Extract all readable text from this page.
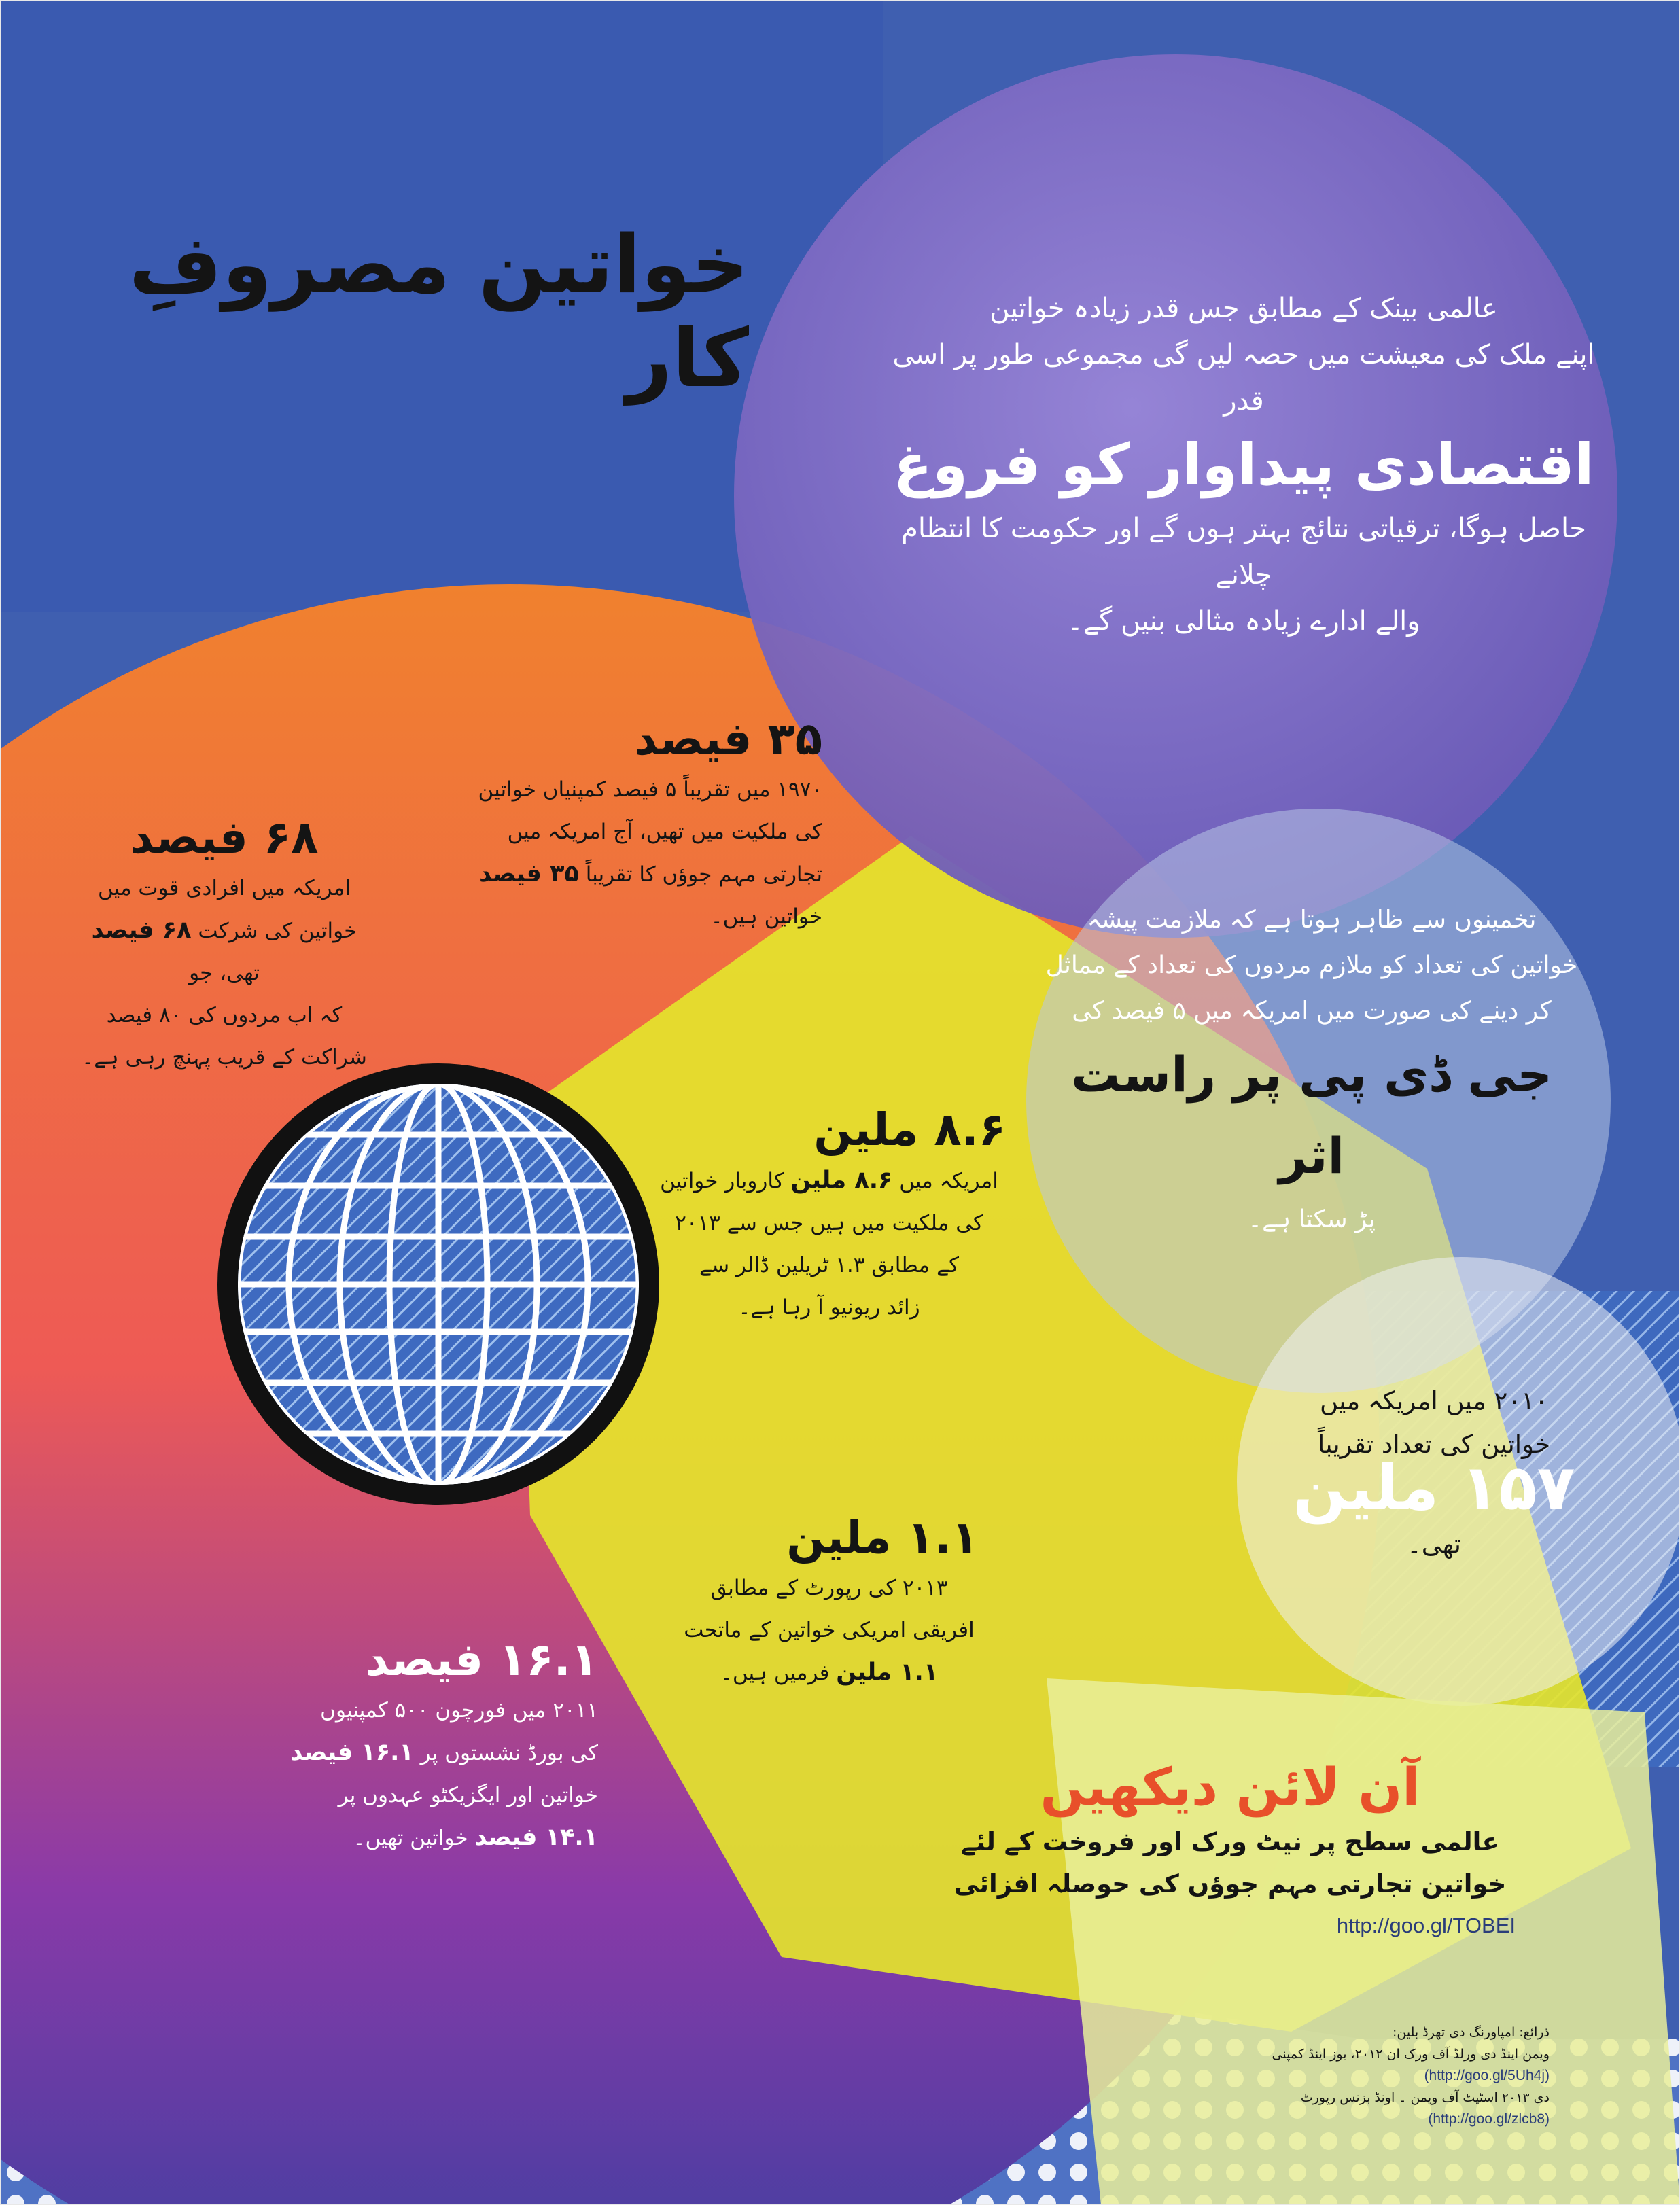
خواتین مصروفِ کار
عالمی بینک کے مطابق جس قدر زیادہ خواتین
اپنے ملک کی معیشت میں حصہ لیں گی مجموعی طور پر اسی قدر
اقتصادی پیداوار کو فروغ
حاصل ہوگا، ترقیاتی نتائج بہتر ہوں گے اور حکومت کا انتظام چلانے
والے ادارے زیادہ مثالی بنیں گے۔
۳۵ فیصد
۱۹۷۰ میں تقریباً ۵ فیصد کمپنیاں خواتین
کی ملکیت میں تھیں، آج امریکہ میں
تجارتی مہم جوؤں کا تقریباً ۳۵ فیصد
خواتین ہیں۔
۶۸ فیصد
امریکہ میں افرادی قوت میں
خواتین کی شرکت ۶۸ فیصد تھی، جو
کہ اب مردوں کی ۸۰ فیصد
شراکت کے قریب پہنچ رہی ہے۔
۸.۶ ملین
امریکہ میں ۸.۶ ملین کاروبار خواتین
کی ملکیت میں ہیں جس سے ۲۰۱۳
کے مطابق ۱.۳ ٹریلین ڈالر سے
زائد ریونیو آ رہا ہے۔
۱.۱ ملین
۲۰۱۳ کی رپورٹ کے مطابق
افریقی امریکی خواتین کے ماتحت
۱.۱ ملین فرمیں ہیں۔
۱۶.۱ فیصد
۲۰۱۱ میں فورچون ۵۰۰ کمپنیوں
کی بورڈ نشستوں پر ۱۶.۱ فیصد
خواتین اور ایگزیکٹو عہدوں پر
۱۴.۱ فیصد خواتین تھیں۔
تخمینوں سے ظاہر ہوتا ہے کہ ملازمت پیشہ
خواتین کی تعداد کو ملازم مردوں کی تعداد کے مماثل
کر دینے کی صورت میں امریکہ میں ۵ فیصد کی
جی ڈی پی پر راست اثر
پڑ سکتا ہے۔
۲۰۱۰ میں امریکہ میں
خواتین کی تعداد تقریباً
۱۵۷ ملین تھی۔
آن لائن دیکھیں
عالمی سطح پر نیٹ ورک اور فروخت کے لئے
خواتین تجارتی مہم جوؤں کی حوصلہ افزائی
http://goo.gl/TOBEI
ذرائع: امپاورنگ دی تھرڈ بلین:
ویمن اینڈ دی ورلڈ آف ورک ان ۲۰۱۲، بوز اینڈ کمپنی
(http://goo.gl/5Uh4j)
دی ۲۰۱۳ اسٹیٹ آف ویمن ۔ اونڈ بزنس رپورٹ
(http://goo.gl/zlcb8)
